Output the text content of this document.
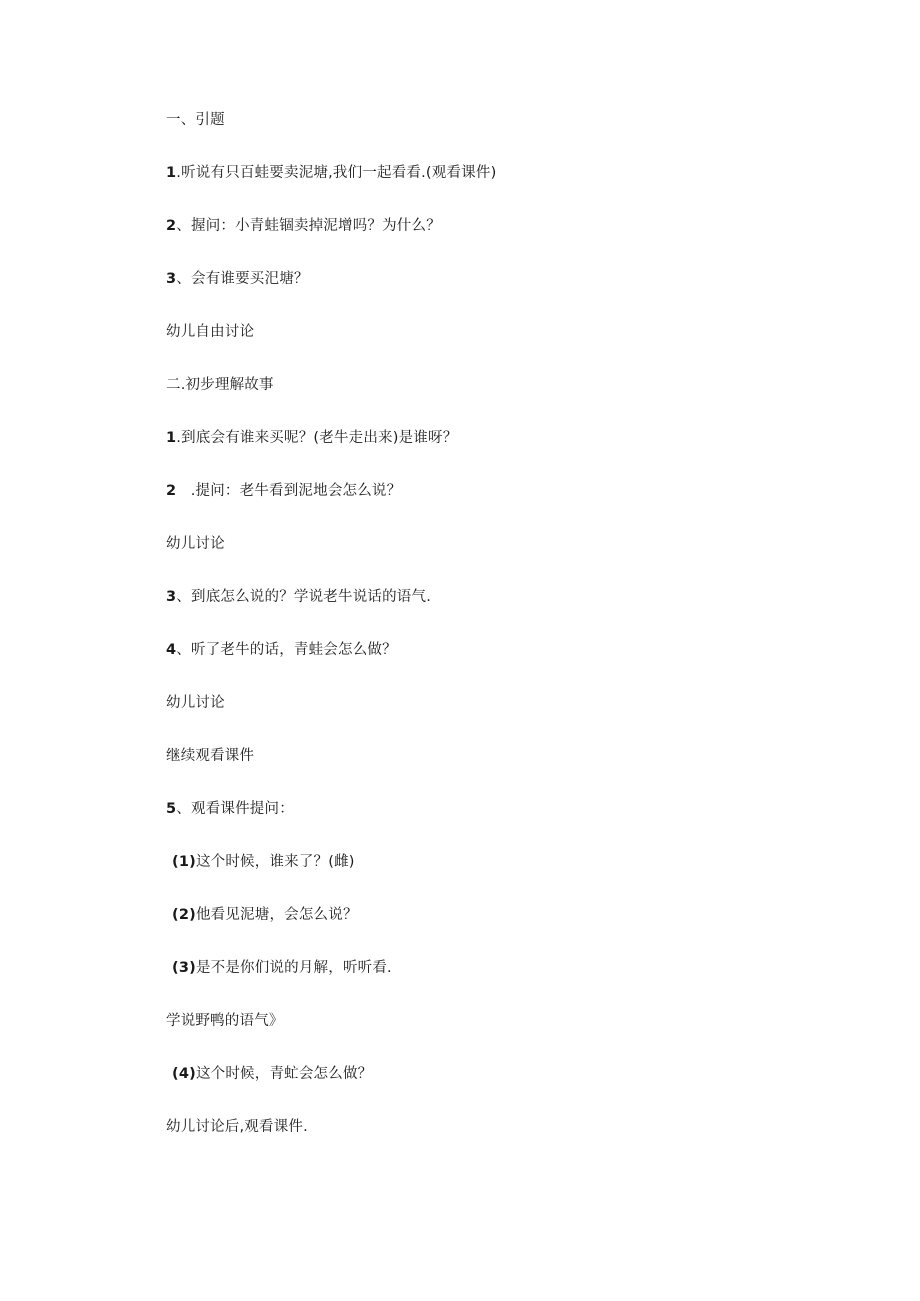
一、引题
1.听说有只百蛙要卖泥塘,我们一起看看.(观看课件)
2、握问：小青蛙锢卖掉泥增吗？为什么？
3、会有谁要买汜塘？
幼儿自由讨论
二.初步理解故事
1.到底会有谁来买呢？(老牛走出来)是谁呀？
2   .提问：老牛看到泥地会怎么说？
幼儿讨论
3、到底怎么说的？学说老牛说话的语气.
4、听了老牛的话，青蛙会怎么做？
幼儿讨论
继续观看课件
5、观看课件提问：
(1)这个时候，谁来了？(雌)
(2)他看见泥塘，会怎么说？
(3)是不是你们说的月解，听听看.
学说野鸭的语气》
(4)这个时候，青虻会怎么做？
幼儿讨论后,观看课件.
